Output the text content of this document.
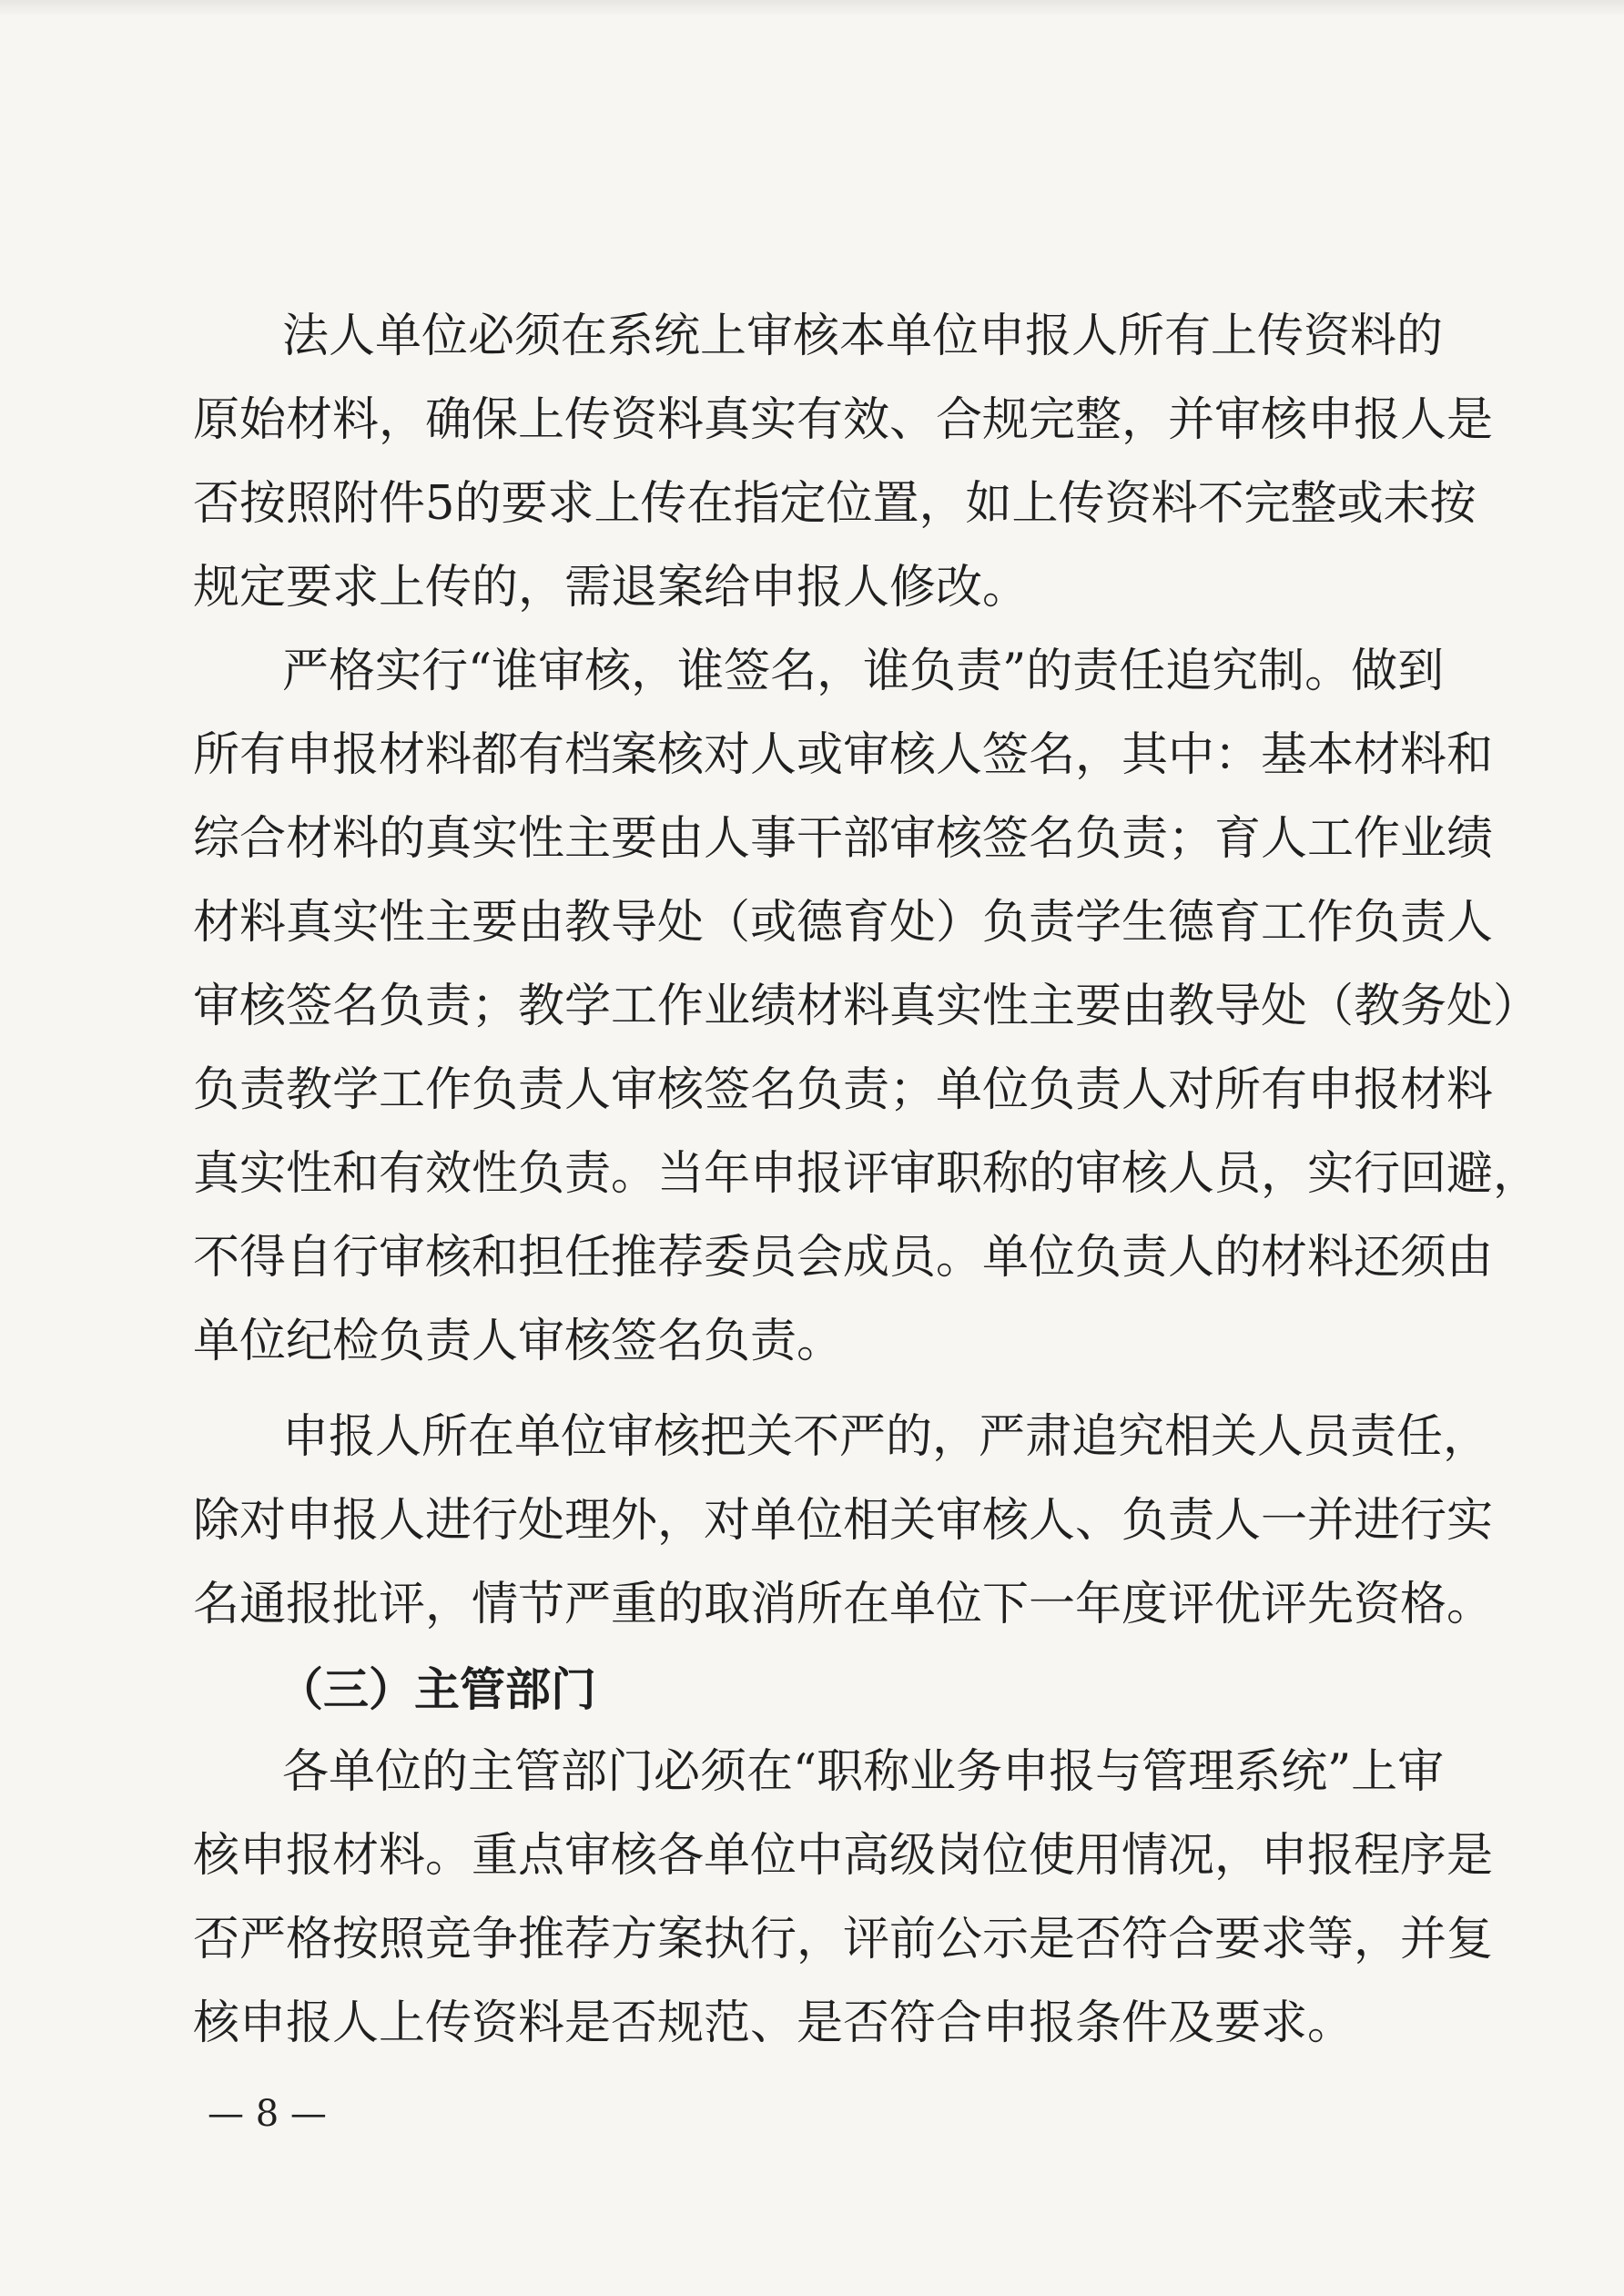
法人单位必须在系统上审核本单位申报人所有上传资料的

原始材料，确保上传资料真实有效、合规完整，并审核申报人是

否按照附件5的要求上传在指定位置，如上传资料不完整或未按

规定要求上传的，需退案给申报人修改。

严格实行“谁审核，谁签名，谁负责”的责任追究制。做到

所有申报材料都有档案核对人或审核人签名，其中：基本材料和

综合材料的真实性主要由人事干部审核签名负责；育人工作业绩

材料真实性主要由教导处（或德育处）负责学生德育工作负责人

审核签名负责；教学工作业绩材料真实性主要由教导处（教务处）

负责教学工作负责人审核签名负责；单位负责人对所有申报材料

真实性和有效性负责。当年申报评审职称的审核人员，实行回避，

不得自行审核和担任推荐委员会成员。单位负责人的材料还须由

单位纪检负责人审核签名负责。

申报人所在单位审核把关不严的，严肃追究相关人员责任，

除对申报人进行处理外，对单位相关审核人、负责人一并进行实

名通报批评，情节严重的取消所在单位下一年度评优评先资格。

（三）主管部门

各单位的主管部门必须在“职称业务申报与管理系统”上审

核申报材料。重点审核各单位中高级岗位使用情况，申报程序是

否严格按照竞争推荐方案执行，评前公示是否符合要求等，并复

核申报人上传资料是否规范、是否符合申报条件及要求。

— 8 —
